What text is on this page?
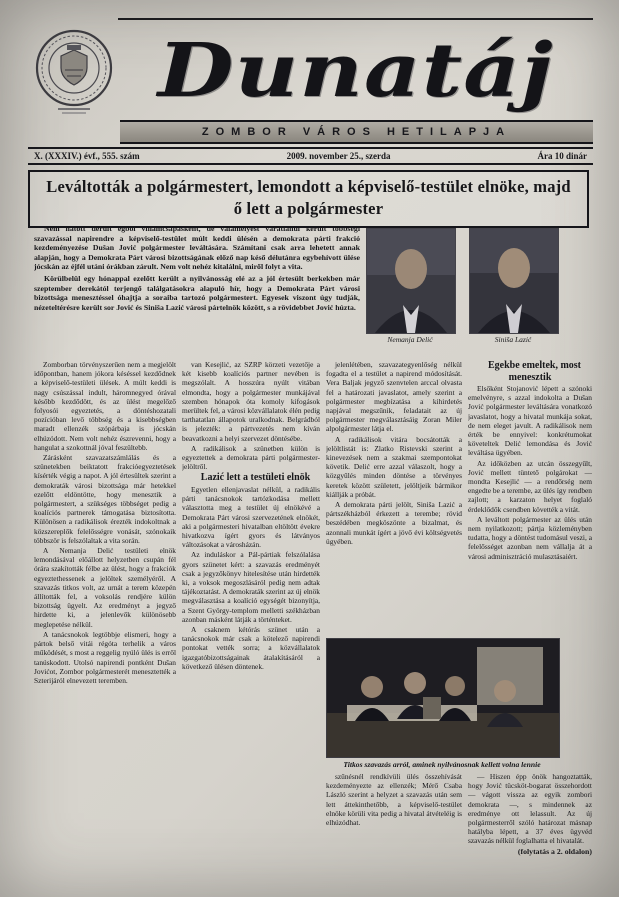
Dunatáj
ZOMBOR VÁROS HETILAPJA
X. (XXXIV.) évf., 555. szám	2009. november 25., szerda	Ára 10 dinár
Leváltották a polgármestert, lemondott a képviselő-testület elnöke, majd ő lett a polgármester

Nem hatott derült égből villámcsapásként, de valamelyest váratlanul került többségi szavazással napirendre a képviselő-testület múlt keddi ülésén a demokrata párti frakció kezdeményezése Dušan Jović polgármester leváltására. Számítani csak arra lehetett annak alapján, hogy a Demokrata Párt városi bizottságának előző nap késő délutánra egybehívott ülése jócskán az éjfél utáni órákban zárult. Nem volt nehéz kitalálni, miről folyt a vita.

Körülbelül egy hónappal ezelőtt került a nyilvánosság elé az a jól értesült berkekben már szeptember derekától terjengő találgatásokra alapuló hír, hogy a Demokrata Párt városi bizottsága menesztéssel óhajtja a soraiba tartozó polgármestert. Egyesek viszont úgy tudják, nézeteltérésre került sor Jović és Siniša Lazić városi pártelnök között, s a rövidebbet Jović húzta.

Nemanja Delić	Siniša Lazić

Zomborban törvényszerűen nem a megjelölt időpontban, hanem jókora késéssel kezdődnek a képviselő-testületi ülések. A múlt keddi is nagy csúszással indult, háromnegyed órával később kezdődött, és az ülést megelőző folyosói egyeztetés, a döntéshozatali pozícióban levő többség és a kisebbségben maradt ellenzék szópárbaja is jócskán elhúzódott. Nem volt nehéz észrevenni, hogy a hangulat a szokottnál jóval feszültebb.

Zárásként szavazatszámlálás és a szünetekben beiktatott frakcióegyeztetések kísérték végig a napot. A jól értesültek szerint a demokraták városi bizottsága már hetekkel ezelőtt eldöntötte, hogy menesztik a polgármestert, a szükséges többséget pedig a koalíciós partnerek támogatása biztosította. Különösen a radikálisok érezték indokoltnak a közszereplők felelősségre vonását, szónokaik többször is felszólaltak a vita során.

A Nemanja Delić testületi elnök lemondásával előállott helyzetben csupán fél órára szakították félbe az ülést, hogy a frakciók egyeztethessenek a jelöltek személyéről. A szavazás titkos volt, az urnát a terem közepén állították fel, a voksolás rendjére külön bizottság ügyelt. Az eredményt a jegyző hirdette ki, a jelenlevők különösebb meglepetése nélkül.

A tanácsnokok legtöbbje elismeri, hogy a pártok belső vitái régóta terhelik a város működését, s most a reggelig nyúló ülés is erről tanúskodott. Utolsó napirendi pontként Dušan Jovićot, Zombor polgármesterét menesztették a Szterijáról elnevezett teremben.

van Kesejlić, az SZRP körzeti vezetője a két kisebb koalíciós partner nevében is megszólalt. A hosszúra nyúlt vitában elmondta, hogy a polgármester munkájával szemben hónapok óta komoly kifogások merültek fel, a városi közvállalatok élén pedig tarthatatlan állapotok uralkodnak. Belgrádból is jelezték: a pártvezetés nem kíván beavatkozni a helyi szervezet döntésébe.

A radikálisok a szünetben külön is egyeztettek a demokrata párti polgármester-jelöltről.

Lazić lett a testületi elnök

Egyetlen ellenjavaslat nélkül, a radikális párti tanácsnokok tartózkodása mellett választotta meg a testület új elnökévé a Demokrata Párt városi szervezetének elnökét, aki a polgármesteri hivatalban eltöltött évekre hivatkozva ígért gyors és látványos változásokat a városházán.

Az induláskor a Pál-pártiak felszólalása gyors szünetet kért: a szavazás eredményét csak a jegyzőkönyv hitelesítése után hirdették ki, a voksok megoszlásáról pedig nem adtak tájékoztatást. A demokraták szerint az új elnök megválasztása a koalíció egységét bizonyítja, a Szent György-templom melletti székházban azonban másként látják a történteket.

A csaknem kétórás szünet után a tanácsnokok már csak a kötelező napirendi pontokat vették sorra; a közvállalatok igazgatóbizottságainak átalakításáról a következő ülésen döntenek.

jelenlétében, szavazategyenlőség nélkül fogadta el a testület a napirend módosítását. Vera Baljak jegyző szenvtelen arccal olvasta fel a határozati javaslatot, amely szerint a polgármester megbízatása a kihirdetés napjával megszűnik, feladatait az új polgármester megválasztásáig Zoran Miler alpolgármester látja el.

A radikálisok vitára bocsátották a jelöltlistát is: Zlatko Ristevski szerint a kinevezések nem a szakmai szempontokat követik. Delić erre azzal válaszolt, hogy a közgyűlés minden döntése a törvényes keretek között született, jelöltjeik bármikor kiállják a próbát.

A demokrata párti jelölt, Siniša Lazić a pártszékházból érkezett a terembe; rövid beszédében megköszönte a bizalmat, és azonnali munkát ígért a jövő évi költségvetés ügyében.

Egekbe emeltek, most menesztik

Elsőként Stojanović lépett a szónoki emelvényre, s azzal indokolta a Dušan Jović polgármester leváltására vonatkozó javaslatot, hogy a hivatal munkája sokat, de nem eleget javult. A radikálisok nem érték be ennyivel: konkrétumokat követeltek Delić lemondása és Jović leváltása ügyében.

Az időközben az utcán összegyűlt, Jović mellett tüntető polgárokat — mondta Kesejlić — a rendőrség nem engedte be a terembe, az ülés így rendben zajlott; a karzaton helyet foglaló érdeklődők csendben követték a vitát.

A leváltott polgármester az ülés után nem nyilatkozott; pártja közleményben tudatta, hogy a döntést tudomásul veszi, a felelősséget azonban nem vállalja át a városi adminisztráció mulasztásaiért.

Titkos szavazás arról, aminek nyilvánosnak kellett volna lennie

szűnésnél rendkívüli ülés összehívását kezdeményezte az ellenzék; Mérő Csaba László szerint a helyzet a szavazás után sem lett áttekinthetőbb, a képviselő-testület elnöke körüli vita pedig a hivatal átvételéig is elhúzódhat.

— Hiszen épp önök hangoztatták, hogy Jović tücsköt-bogarat összehordott — vágott vissza az egyik zombori demokrata —, s mindennek az eredménye ott lelassult. Az új polgármesterről szóló határozat másnap hatályba lépett, a 37 éves ügyvéd szavazás nélkül foglalhatta el hivatalát.

(folytatás a 2. oldalon)
